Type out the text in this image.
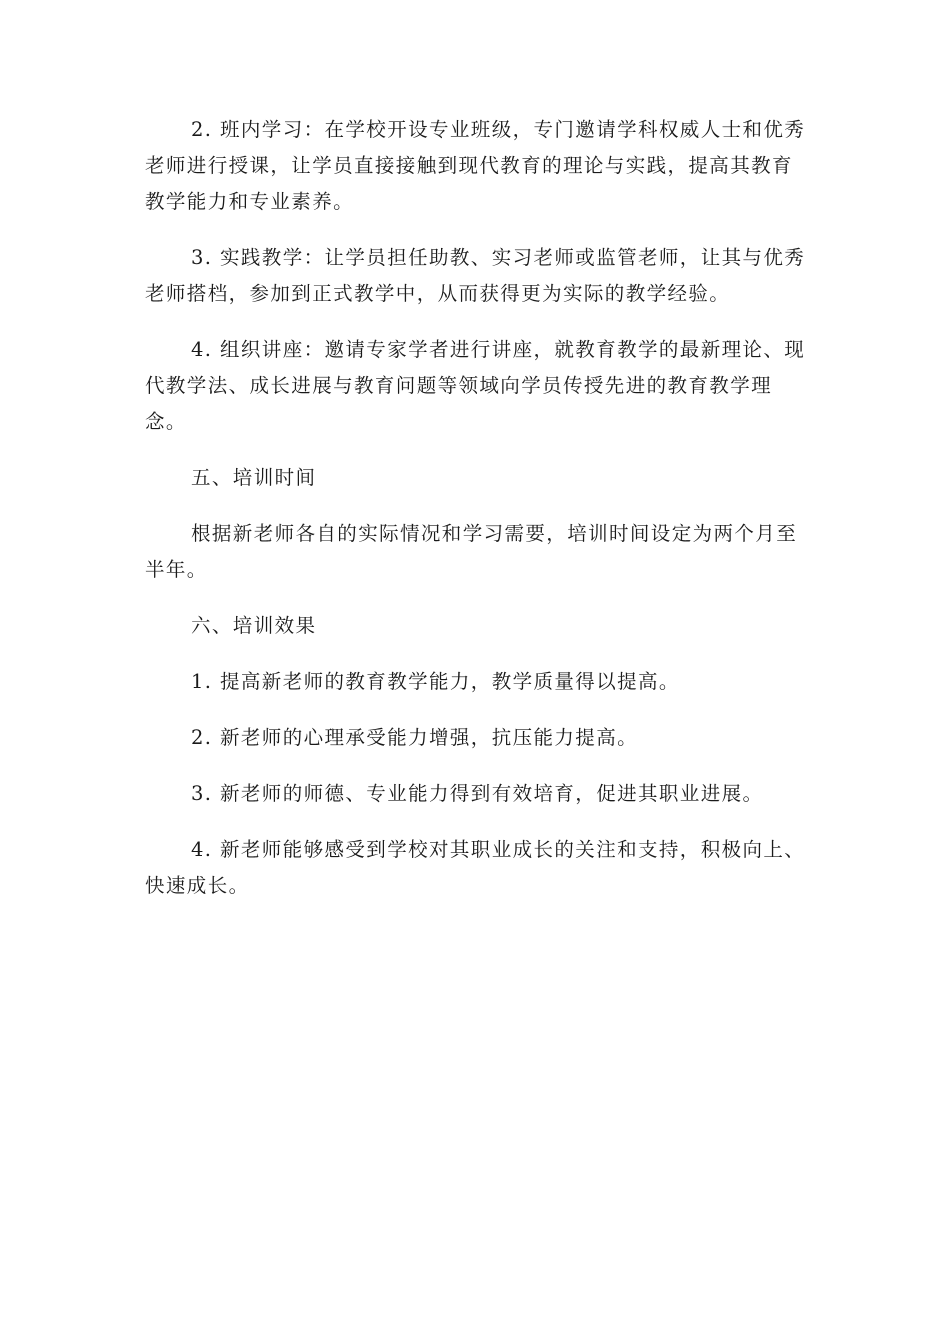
2. 班内学习：在学校开设专业班级，专门邀请学科权威人士和优秀老师进行授课，让学员直接接触到现代教育的理论与实践，提高其教育教学能力和专业素养。

3. 实践教学：让学员担任助教、实习老师或监管老师，让其与优秀老师搭档，参加到正式教学中，从而获得更为实际的教学经验。

4. 组织讲座：邀请专家学者进行讲座，就教育教学的最新理论、现代教学法、成长进展与教育问题等领域向学员传授先进的教育教学理念。

五、培训时间

根据新老师各自的实际情况和学习需要，培训时间设定为两个月至半年。

六、培训效果

1. 提高新老师的教育教学能力，教学质量得以提高。

2. 新老师的心理承受能力增强，抗压能力提高。

3. 新老师的师德、专业能力得到有效培育，促进其职业进展。

4. 新老师能够感受到学校对其职业成长的关注和支持，积极向上、快速成长。
